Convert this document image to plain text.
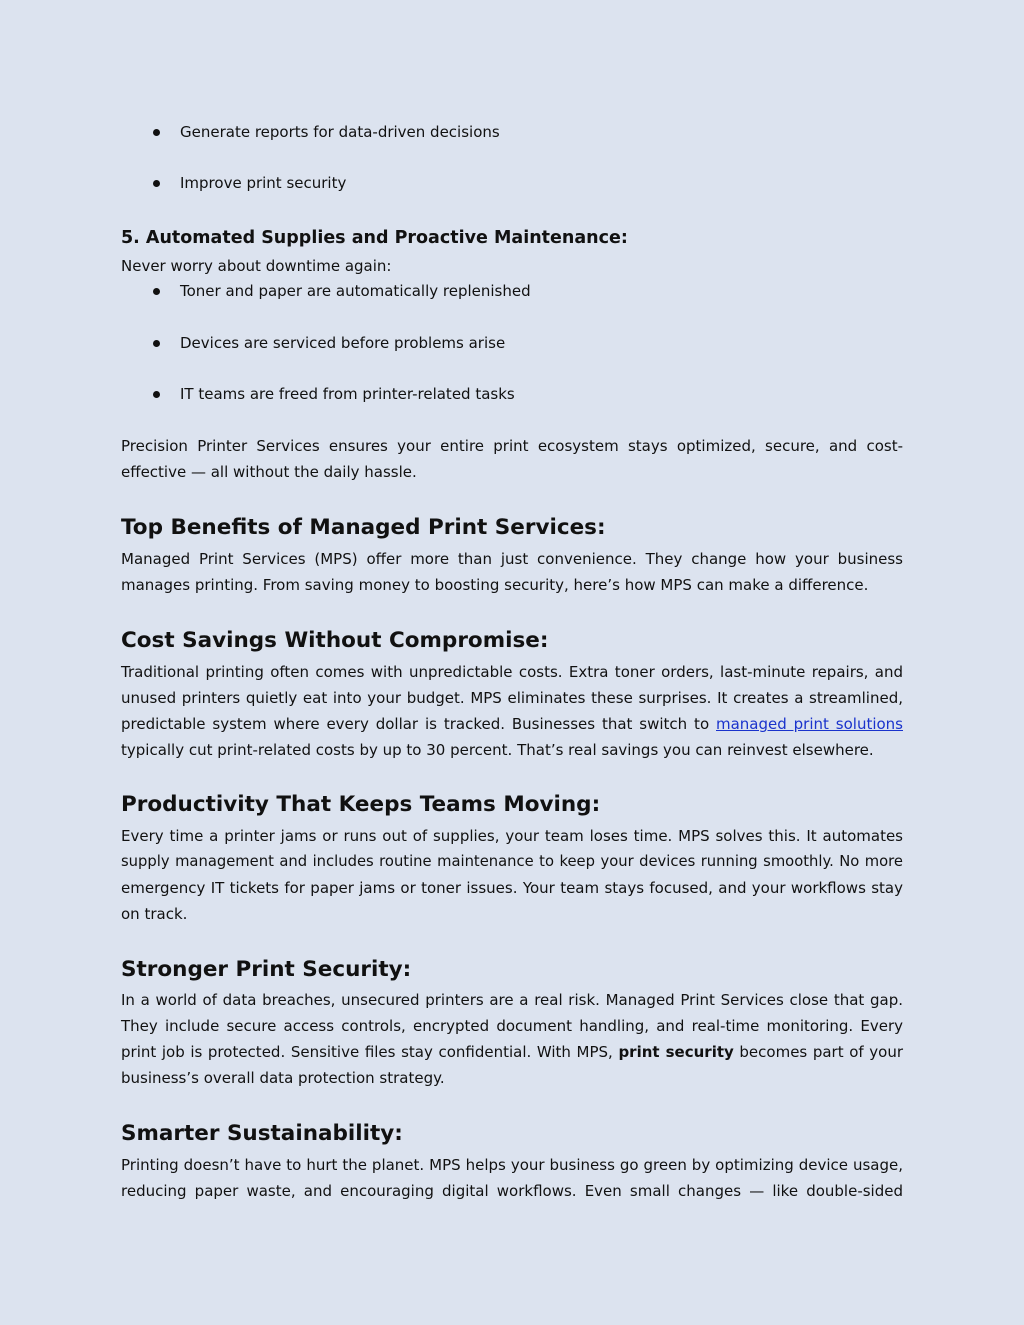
Generate reports for data-driven decisions
Improve print security
5. Automated Supplies and Proactive Maintenance:
Never worry about downtime again:
Toner and paper are automatically replenished
Devices are serviced before problems arise
IT teams are freed from printer-related tasks
Precision Printer Services ensures your entire print ecosystem stays optimized, secure, and cost-
effective — all without the daily hassle.
Top Benefits of Managed Print Services:
Managed Print Services (MPS) offer more than just convenience. They change how your business
manages printing. From saving money to boosting security, here’s how MPS can make a difference.
Cost Savings Without Compromise:
Traditional printing often comes with unpredictable costs. Extra toner orders, last-minute repairs, and
unused printers quietly eat into your budget. MPS eliminates these surprises. It creates a streamlined,
predictable system where every dollar is tracked. Businesses that switch to managed print solutions
typically cut print-related costs by up to 30 percent. That’s real savings you can reinvest elsewhere.
Productivity That Keeps Teams Moving:
Every time a printer jams or runs out of supplies, your team loses time. MPS solves this. It automates
supply management and includes routine maintenance to keep your devices running smoothly. No more
emergency IT tickets for paper jams or toner issues. Your team stays focused, and your workflows stay
on track.
Stronger Print Security:
In a world of data breaches, unsecured printers are a real risk. Managed Print Services close that gap.
They include secure access controls, encrypted document handling, and real-time monitoring. Every
print job is protected. Sensitive files stay confidential. With MPS, print security becomes part of your
business’s overall data protection strategy.
Smarter Sustainability:
Printing doesn’t have to hurt the planet. MPS helps your business go green by optimizing device usage,
reducing paper waste, and encouraging digital workflows. Even small changes — like double-sided
